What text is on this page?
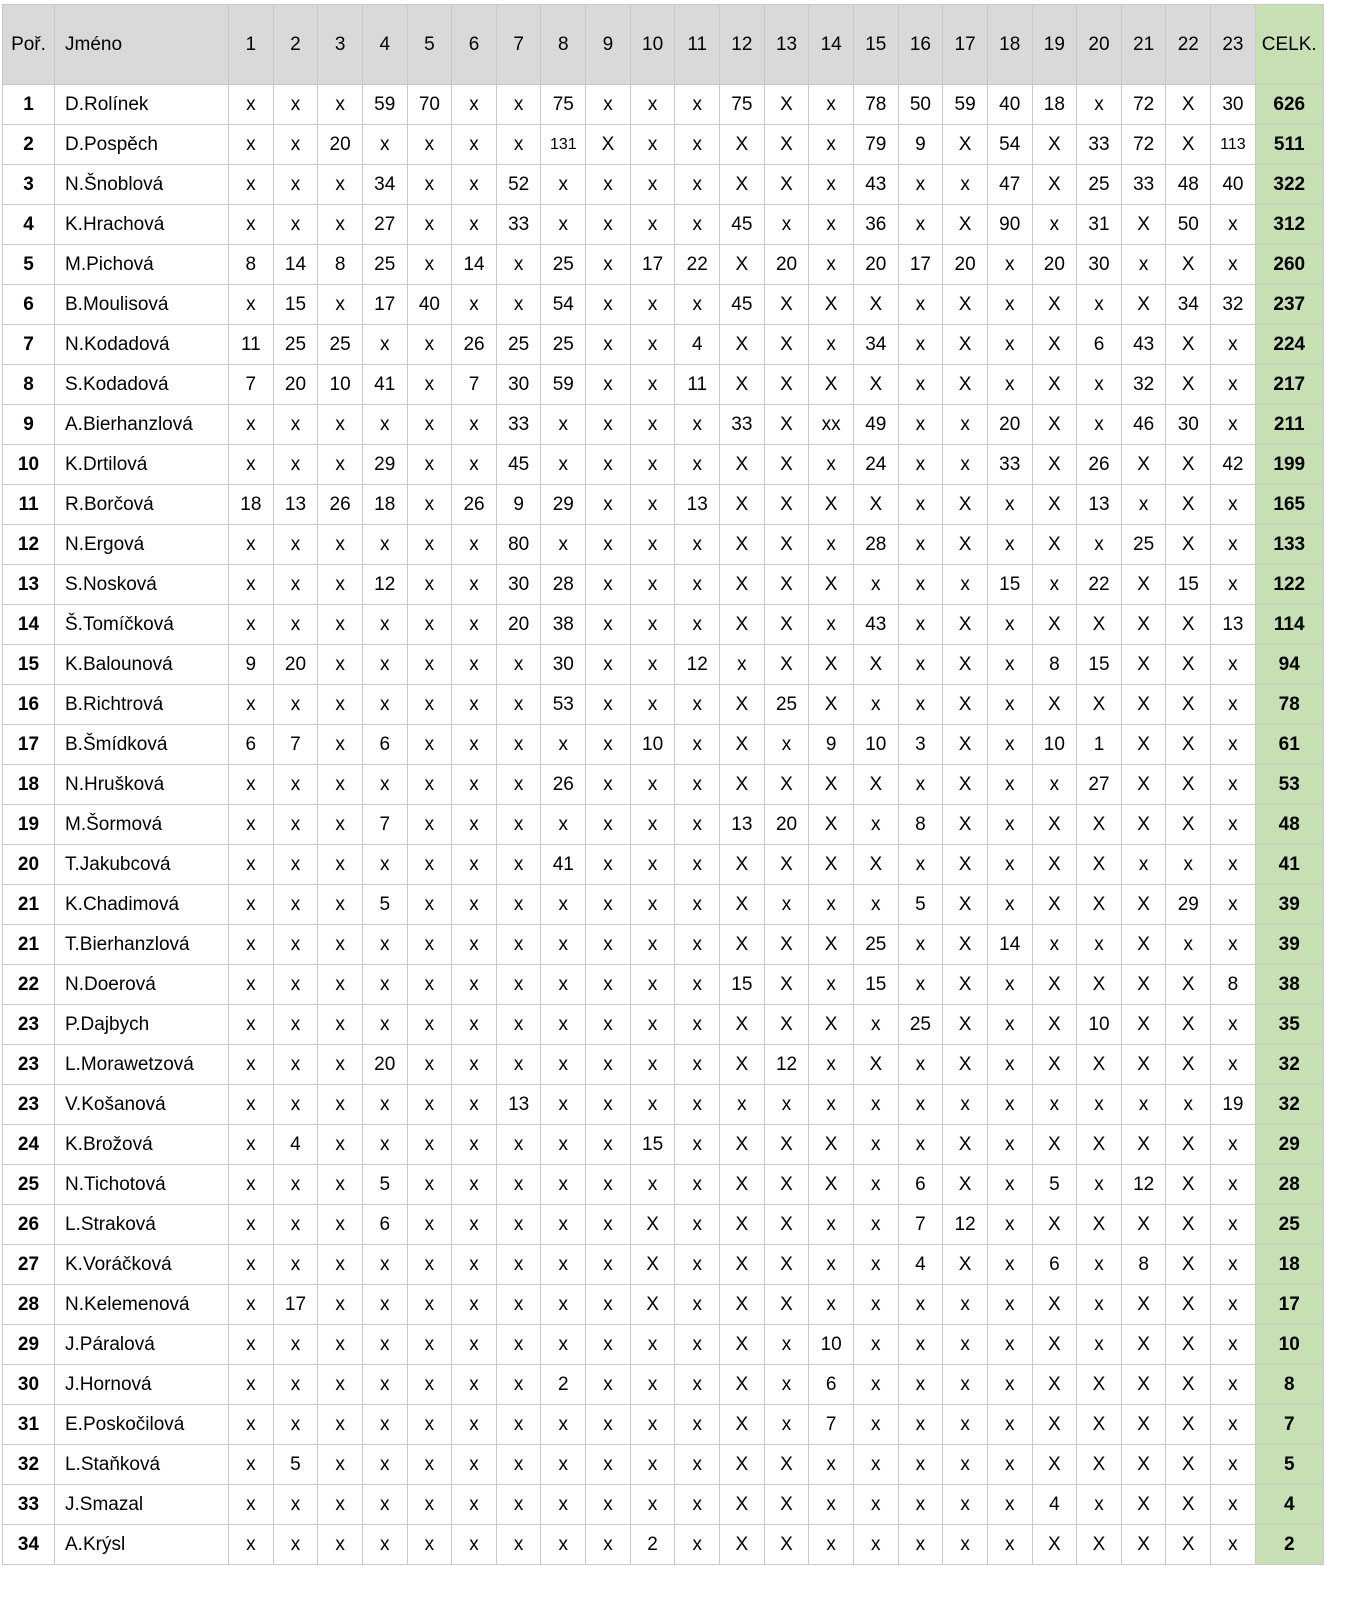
Poř.	Jméno	1	2	3	4	5	6	7	8	9	10	11	12	13	14	15	16	17	18	19	20	21	22	23	CELK.
1	D.Rolínek	x	x	x	59	70	x	x	75	x	x	x	75	X	x	78	50	59	40	18	x	72	X	30	626
2	D.Pospěch	x	x	20	x	x	x	x	131	X	x	x	X	X	x	79	9	X	54	X	33	72	X	113	511
3	N.Šnoblová	x	x	x	34	x	x	52	x	x	x	x	X	X	x	43	x	x	47	X	25	33	48	40	322
4	K.Hrachová	x	x	x	27	x	x	33	x	x	x	x	45	x	x	36	x	X	90	x	31	X	50	x	312
5	M.Pichová	8	14	8	25	x	14	x	25	x	17	22	X	20	x	20	17	20	x	20	30	x	X	x	260
6	B.Moulisová	x	15	x	17	40	x	x	54	x	x	x	45	X	X	X	x	X	x	X	x	X	34	32	237
7	N.Kodadová	11	25	25	x	x	26	25	25	x	x	4	X	X	x	34	x	X	x	X	6	43	X	x	224
8	S.Kodadová	7	20	10	41	x	7	30	59	x	x	11	X	X	X	X	x	X	x	X	x	32	X	x	217
9	A.Bierhanzlová	x	x	x	x	x	x	33	x	x	x	x	33	X	xx	49	x	x	20	X	x	46	30	x	211
10	K.Drtilová	x	x	x	29	x	x	45	x	x	x	x	X	X	x	24	x	x	33	X	26	X	X	42	199
11	R.Borčová	18	13	26	18	x	26	9	29	x	x	13	X	X	X	X	x	X	x	X	13	x	X	x	165
12	N.Ergová	x	x	x	x	x	x	80	x	x	x	x	X	X	x	28	x	X	x	X	x	25	X	x	133
13	S.Nosková	x	x	x	12	x	x	30	28	x	x	x	X	X	X	x	x	x	15	x	22	X	15	x	122
14	Š.Tomíčková	x	x	x	x	x	x	20	38	x	x	x	X	X	x	43	x	X	x	X	X	X	X	13	114
15	K.Balounová	9	20	x	x	x	x	x	30	x	x	12	x	X	X	X	x	X	x	8	15	X	X	x	94
16	B.Richtrová	x	x	x	x	x	x	x	53	x	x	x	X	25	X	x	x	X	x	X	X	X	X	x	78
17	B.Šmídková	6	7	x	6	x	x	x	x	x	10	x	X	x	9	10	3	X	x	10	1	X	X	x	61
18	N.Hrušková	x	x	x	x	x	x	x	26	x	x	x	X	X	X	X	x	X	x	x	27	X	X	x	53
19	M.Šormová	x	x	x	7	x	x	x	x	x	x	x	13	20	X	x	8	X	x	X	X	X	X	x	48
20	T.Jakubcová	x	x	x	x	x	x	x	41	x	x	x	X	X	X	X	x	X	x	X	X	x	x	x	41
21	K.Chadimová	x	x	x	5	x	x	x	x	x	x	x	X	x	x	x	5	X	x	X	X	X	29	x	39
21	T.Bierhanzlová	x	x	x	x	x	x	x	x	x	x	x	X	X	X	25	x	X	14	x	x	X	x	x	39
22	N.Doerová	x	x	x	x	x	x	x	x	x	x	x	15	X	x	15	x	X	x	X	X	X	X	8	38
23	P.Dajbych	x	x	x	x	x	x	x	x	x	x	x	X	X	X	x	25	X	x	X	10	X	X	x	35
23	L.Morawetzová	x	x	x	20	x	x	x	x	x	x	x	X	12	x	X	x	X	x	X	X	X	X	x	32
23	V.Košanová	x	x	x	x	x	x	13	x	x	x	x	x	x	x	x	x	x	x	x	x	x	x	19	32
24	K.Brožová	x	4	x	x	x	x	x	x	x	15	x	X	X	X	x	x	X	x	X	X	X	X	x	29
25	N.Tichotová	x	x	x	5	x	x	x	x	x	x	x	X	X	X	x	6	X	x	5	x	12	X	x	28
26	L.Straková	x	x	x	6	x	x	x	x	x	X	x	X	X	x	x	7	12	x	X	X	X	X	x	25
27	K.Voráčková	x	x	x	x	x	x	x	x	x	X	x	X	X	x	x	4	X	x	6	x	8	X	x	18
28	N.Kelemenová	x	17	x	x	x	x	x	x	x	X	x	X	X	x	x	x	x	x	X	x	X	X	x	17
29	J.Páralová	x	x	x	x	x	x	x	x	x	x	x	X	x	10	x	x	x	x	X	x	X	X	x	10
30	J.Hornová	x	x	x	x	x	x	x	2	x	x	x	X	x	6	x	x	x	x	X	X	X	X	x	8
31	E.Poskočilová	x	x	x	x	x	x	x	x	x	x	x	X	x	7	x	x	x	x	X	X	X	X	x	7
32	L.Staňková	x	5	x	x	x	x	x	x	x	x	x	X	X	x	x	x	x	x	X	X	X	X	x	5
33	J.Smazal	x	x	x	x	x	x	x	x	x	x	x	X	X	x	x	x	x	x	4	x	X	X	x	4
34	A.Krýsl	x	x	x	x	x	x	x	x	x	2	x	X	X	x	x	x	x	x	X	X	X	X	x	2
